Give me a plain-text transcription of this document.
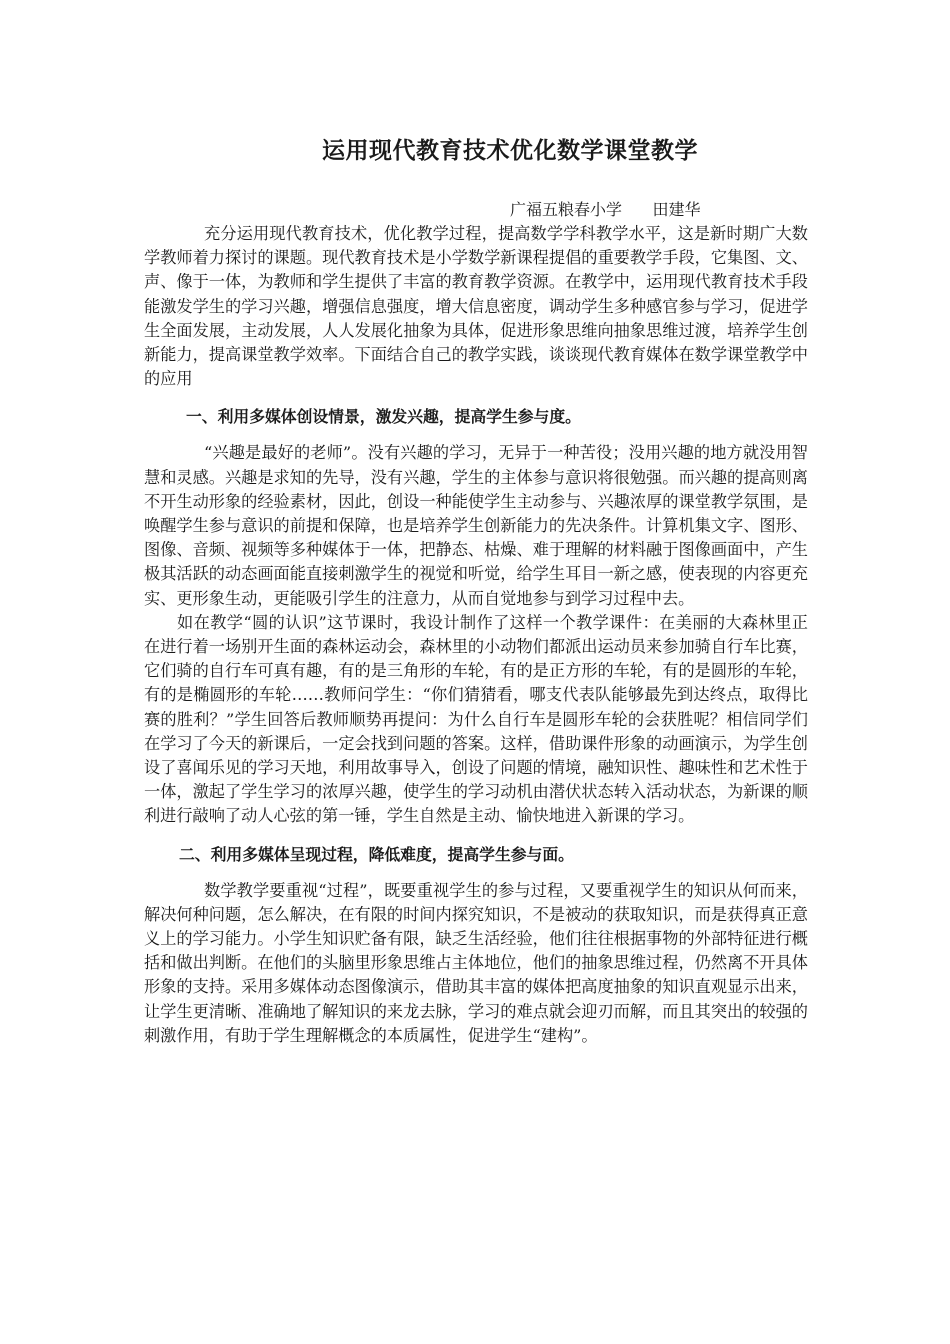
运用现代教育技术优化数学课堂教学
广福五粮春小学      田建华

充分运用现代教育技术，优化教学过程，提高数学学科教学水平，这是新时期广大数学教师着力探讨的课题。现代教育技术是小学数学新课程提倡的重要教学手段，它集图、文、声、像于一体，为教师和学生提供了丰富的教育教学资源。在教学中，运用现代教育技术手段能激发学生的学习兴趣，增强信息强度，增大信息密度，调动学生多种感官参与学习，促进学生全面发展，主动发展，人人发展化抽象为具体，促进形象思维向抽象思维过渡，培养学生创新能力，提高课堂教学效率。下面结合自己的教学实践，谈谈现代教育媒体在数学课堂教学中的应用

一、利用多媒体创设情景，激发兴趣，提高学生参与度。

“兴趣是最好的老师”。没有兴趣的学习，无异于一种苦役；没用兴趣的地方就没用智慧和灵感。兴趣是求知的先导，没有兴趣，学生的主体参与意识将很勉强。而兴趣的提高则离不开生动形象的经验素材，因此，创设一种能使学生主动参与、兴趣浓厚的课堂教学氛围，是唤醒学生参与意识的前提和保障，也是培养学生创新能力的先决条件。计算机集文字、图形、图像、音频、视频等多种媒体于一体，把静态、枯燥、难于理解的材料融于图像画面中，产生极其活跃的动态画面能直接刺激学生的视觉和听觉，给学生耳目一新之感，使表现的内容更充实、更形象生动，更能吸引学生的注意力，从而自觉地参与到学习过程中去。

如在教学“圆的认识”这节课时，我设计制作了这样一个教学课件：在美丽的大森林里正在进行着一场别开生面的森林运动会，森林里的小动物们都派出运动员来参加骑自行车比赛，它们骑的自行车可真有趣，有的是三角形的车轮，有的是正方形的车轮，有的是圆形的车轮，有的是椭圆形的车轮……教师问学生：“你们猜猜看，哪支代表队能够最先到达终点，取得比赛的胜利？”学生回答后教师顺势再提问：为什么自行车是圆形车轮的会获胜呢？相信同学们在学习了今天的新课后，一定会找到问题的答案。这样，借助课件形象的动画演示，为学生创设了喜闻乐见的学习天地，利用故事导入，创设了问题的情境，融知识性、趣味性和艺术性于一体，激起了学生学习的浓厚兴趣，使学生的学习动机由潜伏状态转入活动状态，为新课的顺利进行敲响了动人心弦的第一锤，学生自然是主动、愉快地进入新课的学习。

二、利用多媒体呈现过程，降低难度，提高学生参与面。

数学教学要重视“过程”，既要重视学生的参与过程，又要重视学生的知识从何而来，解决何种问题，怎么解决，在有限的时间内探究知识，不是被动的获取知识，而是获得真正意义上的学习能力。小学生知识贮备有限，缺乏生活经验，他们往往根据事物的外部特征进行概括和做出判断。在他们的头脑里形象思维占主体地位，他们的抽象思维过程，仍然离不开具体形象的支持。采用多媒体动态图像演示，借助其丰富的媒体把高度抽象的知识直观显示出来，让学生更清晰、准确地了解知识的来龙去脉，学习的难点就会迎刃而解，而且其突出的较强的刺激作用，有助于学生理解概念的本质属性，促进学生“建构”。
